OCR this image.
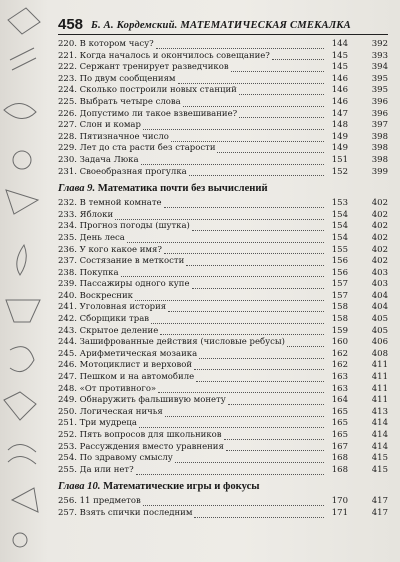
458 Б. А. Кордемский. МАТЕМАТИЧЕСКАЯ СМЕКАЛКА
220. В котором часу?	144	392
221. Когда началось и окончилось совещание?	145	393
222. Сержант тренирует разведчиков	145	394
223. По двум сообщениям	146	395
224. Сколько построили новых станций	146	395
225. Выбрать четыре слова	146	396
226. Допустимо ли такое взвешивание?	147	396
227. Слон и комар	148	397
228. Пятизначное число	149	398
229. Лет до ста расти без старости	149	398
230. Задача Люка	151	398
231. Своеобразная прогулка	152	399
Глава 9. Математика почти без вычислений
232. В темной комнате	153	402
233. Яблоки	154	402
234. Прогноз погоды (шутка)	154	402
235. День леса	154	402
236. У кого какое имя?	155	402
237. Состязание в меткости	156	402
238. Покупка	156	403
239. Пассажиры одного купе	157	403
240. Воскресник	157	404
241. Уголовная история	158	404
242. Сборщики трав	158	405
243. Скрытое деление	159	405
244. Зашифрованные действия (числовые ребусы)	160	406
245. Арифметическая мозаика	162	408
246. Мотоциклист и верховой	162	411
247. Пешком и на автомобиле	163	411
248. «От противного»	163	411
249. Обнаружить фальшивую монету	164	411
250. Логическая ничья	165	413
251. Три мудреца	165	414
252. Пять вопросов для школьников	165	414
253. Рассуждения вместо уравнения	167	414
254. По здравому смыслу	168	415
255. Да или нет?	168	415
Глава 10. Математические игры и фокусы
256. 11 предметов	170	417
257. Взять спички последним	171	417
